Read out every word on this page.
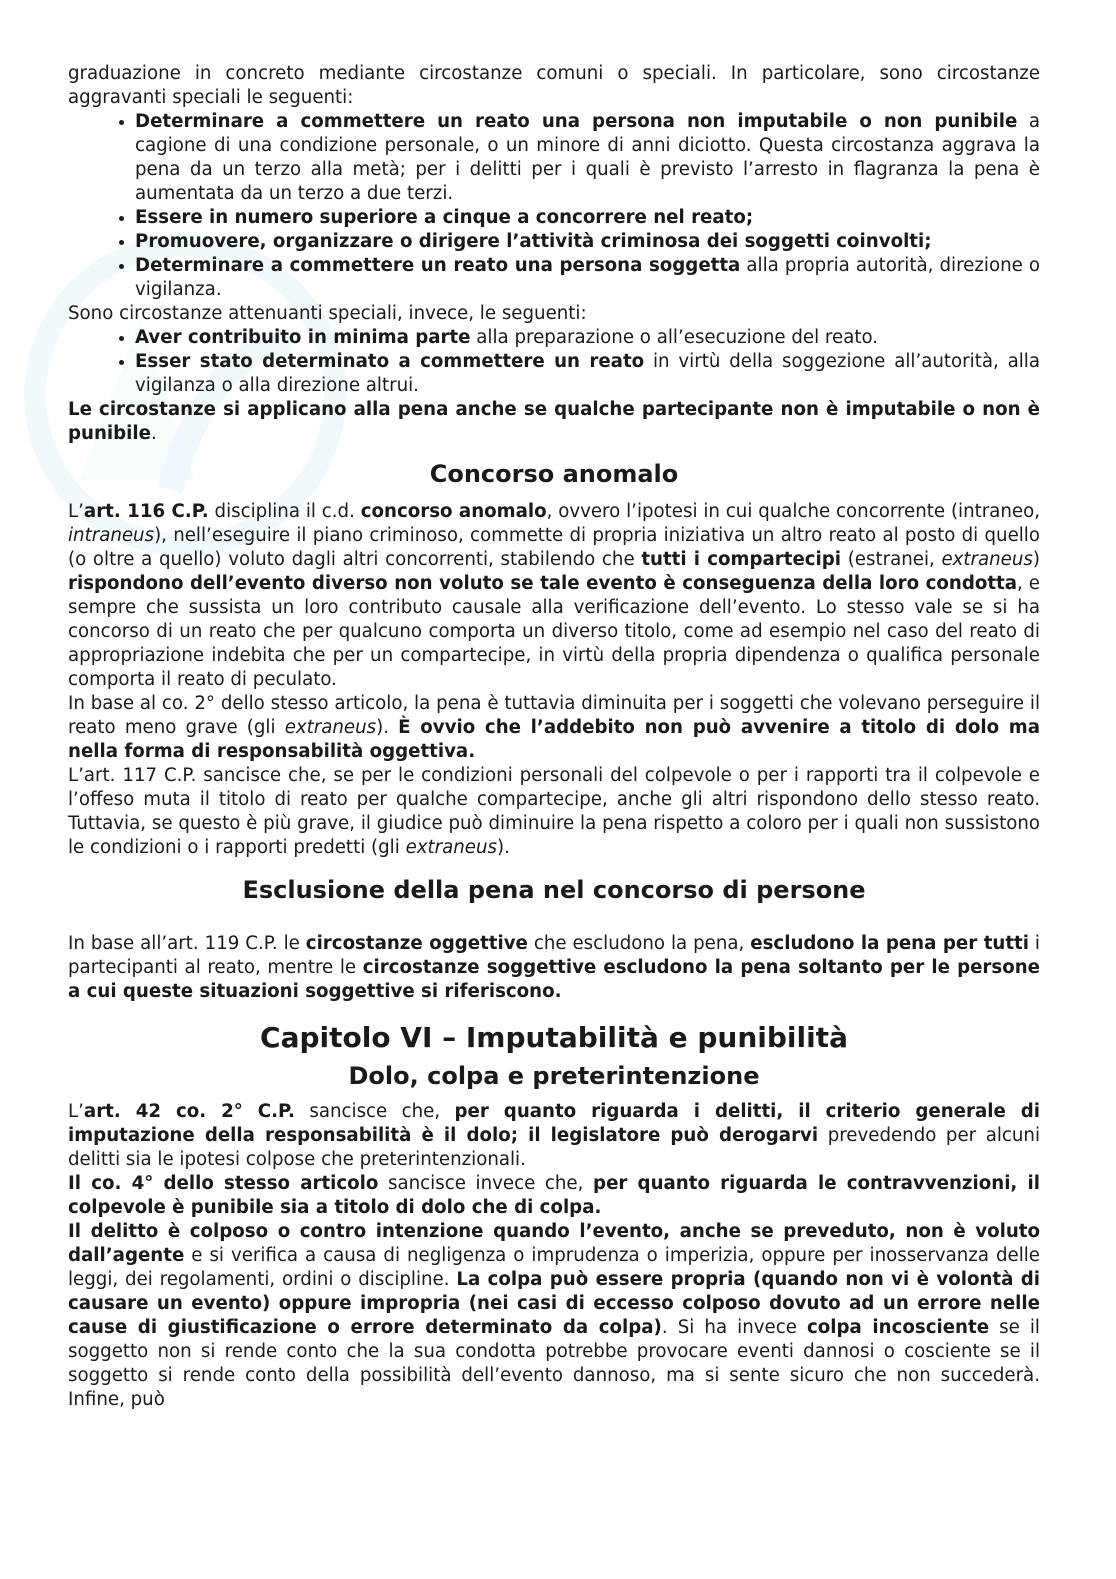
graduazione in concreto mediante circostanze comuni o speciali. In particolare, sono circostanze aggravanti speciali le seguenti:

• Determinare a commettere un reato una persona non imputabile o non punibile a cagione di una condizione personale, o un minore di anni diciotto. Questa circostanza aggrava la pena da un terzo alla metà; per i delitti per i quali è previsto l’arresto in flagranza la pena è aumentata da un terzo a due terzi.
• Essere in numero superiore a cinque a concorrere nel reato;
• Promuovere, organizzare o dirigere l’attività criminosa dei soggetti coinvolti;
• Determinare a commettere un reato una persona soggetta alla propria autorità, direzione o vigilanza.

Sono circostanze attenuanti speciali, invece, le seguenti:

• Aver contribuito in minima parte alla preparazione o all’esecuzione del reato.
• Esser stato determinato a commettere un reato in virtù della soggezione all’autorità, alla vigilanza o alla direzione altrui.

Le circostanze si applicano alla pena anche se qualche partecipante non è imputabile o non è punibile.

Concorso anomalo

L’art. 116 C.P. disciplina il c.d. concorso anomalo, ovvero l’ipotesi in cui qualche concorrente (intraneo, intraneus), nell’eseguire il piano criminoso, commette di propria iniziativa un altro reato al posto di quello (o oltre a quello) voluto dagli altri concorrenti, stabilendo che tutti i compartecipi (estranei, extraneus) rispondono dell’evento diverso non voluto se tale evento è conseguenza della loro condotta, e sempre che sussista un loro contributo causale alla verificazione dell’evento. Lo stesso vale se si ha concorso di un reato che per qualcuno comporta un diverso titolo, come ad esempio nel caso del reato di appropriazione indebita che per un compartecipe, in virtù della propria dipendenza o qualifica personale comporta il reato di peculato.

In base al co. 2° dello stesso articolo, la pena è tuttavia diminuita per i soggetti che volevano perseguire il reato meno grave (gli extraneus). È ovvio che l’addebito non può avvenire a titolo di dolo ma nella forma di responsabilità oggettiva.

L’art. 117 C.P. sancisce che, se per le condizioni personali del colpevole o per i rapporti tra il colpevole e l’offeso muta il titolo di reato per qualche compartecipe, anche gli altri rispondono dello stesso reato. Tuttavia, se questo è più grave, il giudice può diminuire la pena rispetto a coloro per i quali non sussistono le condizioni o i rapporti predetti (gli extraneus).

Esclusione della pena nel concorso di persone

In base all’art. 119 C.P. le circostanze oggettive che escludono la pena, escludono la pena per tutti i partecipanti al reato, mentre le circostanze soggettive escludono la pena soltanto per le persone a cui queste situazioni soggettive si riferiscono.

Capitolo VI – Imputabilità e punibilità
Dolo, colpa e preterintenzione

L’art. 42 co. 2° C.P. sancisce che, per quanto riguarda i delitti, il criterio generale di imputazione della responsabilità è il dolo; il legislatore può derogarvi prevedendo per alcuni delitti sia le ipotesi colpose che preterintenzionali.

Il co. 4° dello stesso articolo sancisce invece che, per quanto riguarda le contravvenzioni, il colpevole è punibile sia a titolo di dolo che di colpa.

Il delitto è colposo o contro intenzione quando l’evento, anche se preveduto, non è voluto dall’agente e si verifica a causa di negligenza o imprudenza o imperizia, oppure per inosservanza delle leggi, dei regolamenti, ordini o discipline. La colpa può essere propria (quando non vi è volontà di causare un evento) oppure impropria (nei casi di eccesso colposo dovuto ad un errore nelle cause di giustificazione o errore determinato da colpa). Si ha invece colpa incosciente se il soggetto non si rende conto che la sua condotta potrebbe provocare eventi dannosi o cosciente se il soggetto si rende conto della possibilità dell’evento dannoso, ma si sente sicuro che non succederà. Infine, può
